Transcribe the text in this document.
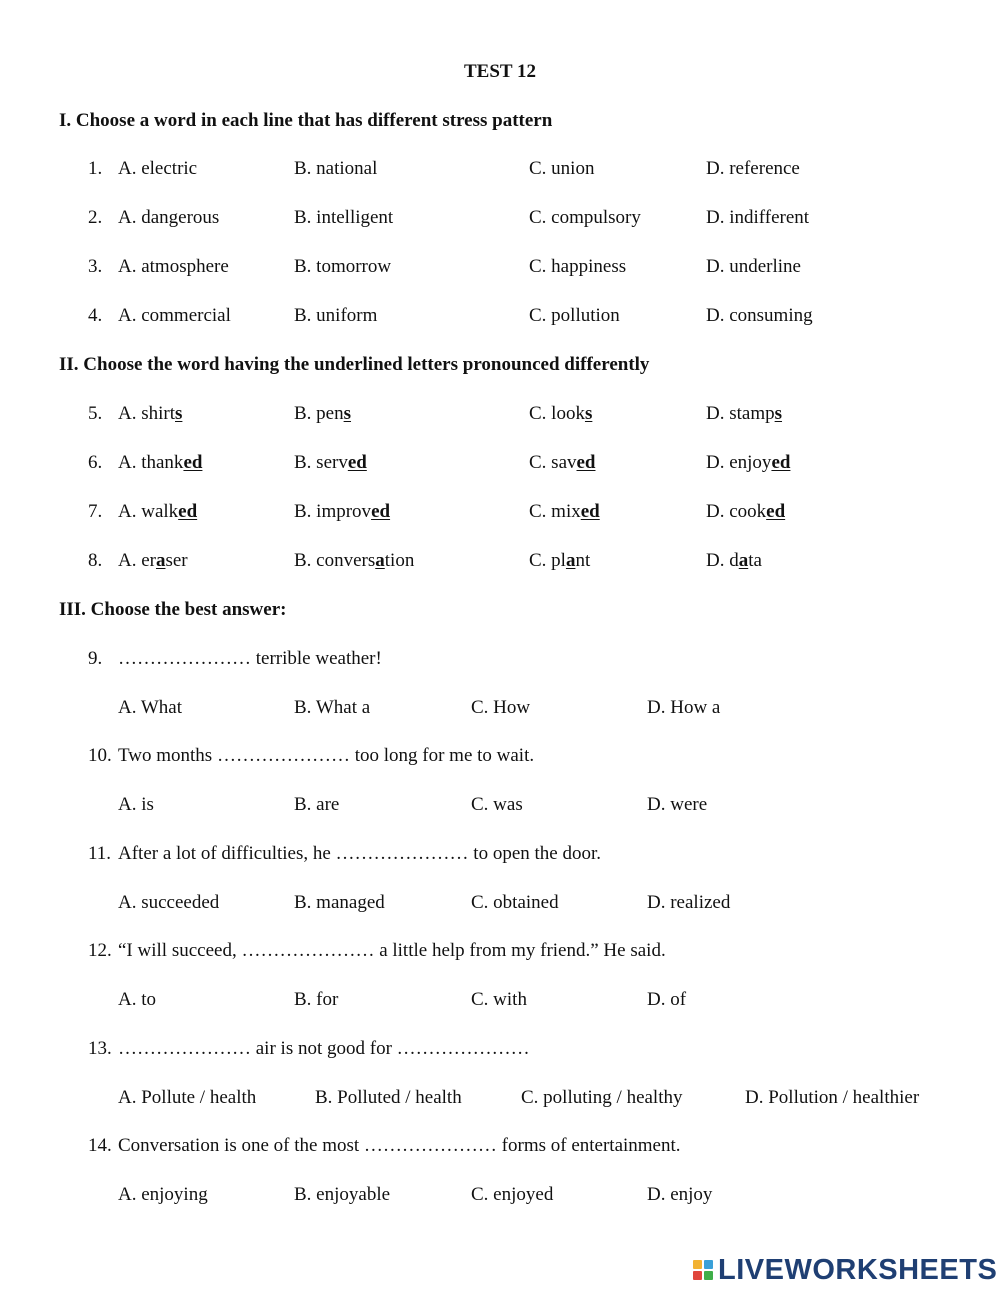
TEST 12
I. Choose a word in each line that has different stress pattern
1. A. electric	B. national	C. union	D. reference
2. A. dangerous	B. intelligent	C. compulsory	D. indifferent
3. A. atmosphere	B. tomorrow	C. happiness	D. underline
4. A. commercial	B. uniform	C. pollution	D. consuming
II. Choose the word having the underlined letters pronounced differently
5. A. shirts	B. pens	C. looks	D. stamps
6. A. thanked	B. served	C. saved	D. enjoyed
7. A. walked	B. improved	C. mixed	D. cooked
8. A. eraser	B. conversation	C. plant	D. data
III. Choose the best answer:
9. ………………… terrible weather!
A. What	B. What a	C. How	D. How a
10. Two months ………………… too long for me to wait.
A. is	B. are	C. was	D. were
11. After a lot of difficulties, he ………………… to open the door.
A. succeeded	B. managed	C. obtained	D. realized
12. “I will succeed, ………………… a little help from my friend.” He said.
A. to	B. for	C. with	D. of
13. ………………… air is not good for …………………
A. Pollute / health	B. Polluted / health	C. polluting / healthy	D. Pollution / healthier
14. Conversation is one of the most ………………… forms of entertainment.
A. enjoying	B. enjoyable	C. enjoyed	D. enjoy
LIVEWORKSHEETS
